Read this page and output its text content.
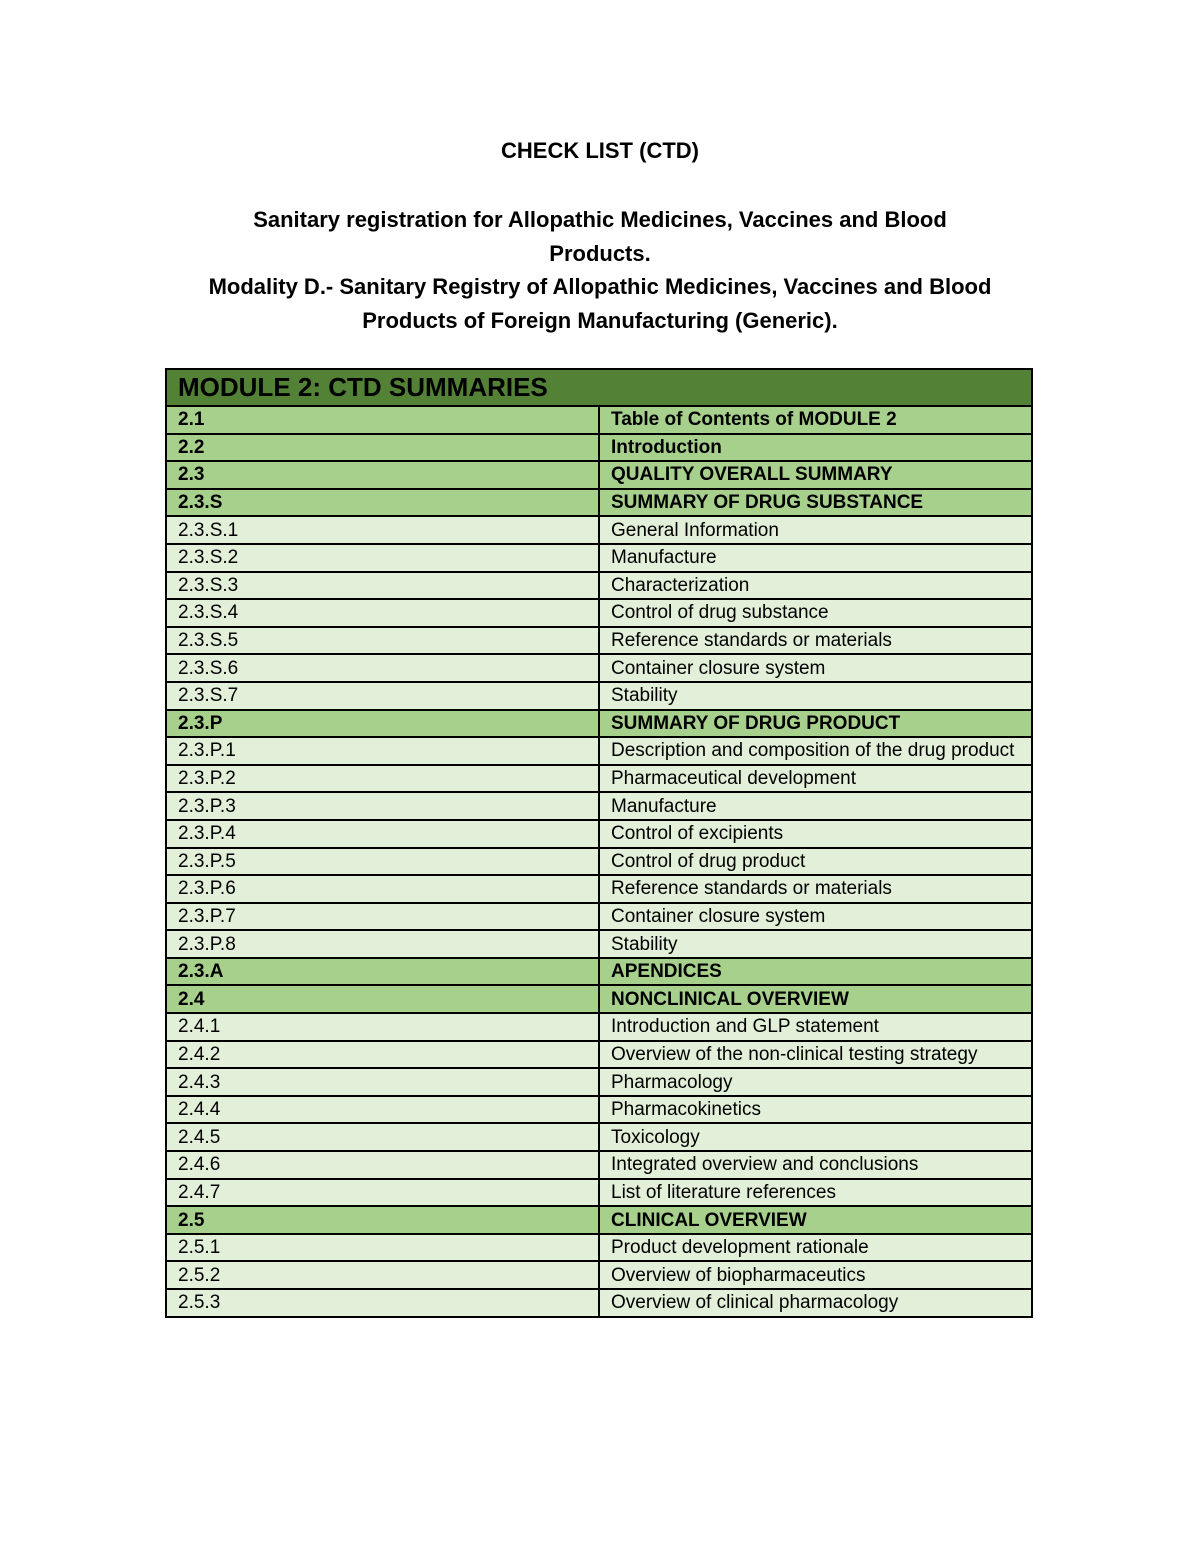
CHECK LIST (CTD)

Sanitary registration for Allopathic Medicines, Vaccines and Blood Products.

Modality D.- Sanitary Registry of Allopathic Medicines, Vaccines and Blood Products of Foreign Manufacturing (Generic).

MODULE 2: CTD SUMMARIES	
2.1	Table of Contents of MODULE 2
2.2	Introduction
2.3	QUALITY OVERALL SUMMARY
2.3.S	SUMMARY OF DRUG SUBSTANCE
2.3.S.1	General Information
2.3.S.2	Manufacture
2.3.S.3	Characterization
2.3.S.4	Control of drug substance
2.3.S.5	Reference standards or materials
2.3.S.6	Container closure system
2.3.S.7	Stability
2.3.P	SUMMARY OF DRUG PRODUCT
2.3.P.1	Description and composition of the drug product
2.3.P.2	Pharmaceutical development
2.3.P.3	Manufacture
2.3.P.4	Control of excipients
2.3.P.5	Control of drug product
2.3.P.6	Reference standards or materials
2.3.P.7	Container closure system
2.3.P.8	Stability
2.3.A	APENDICES
2.4	NONCLINICAL OVERVIEW
2.4.1	Introduction and GLP statement
2.4.2	Overview of the non-clinical testing strategy
2.4.3	Pharmacology
2.4.4	Pharmacokinetics
2.4.5	Toxicology
2.4.6	Integrated overview and conclusions
2.4.7	List of literature references
2.5	CLINICAL OVERVIEW
2.5.1	Product development rationale
2.5.2	Overview of biopharmaceutics
2.5.3	Overview of clinical pharmacology
